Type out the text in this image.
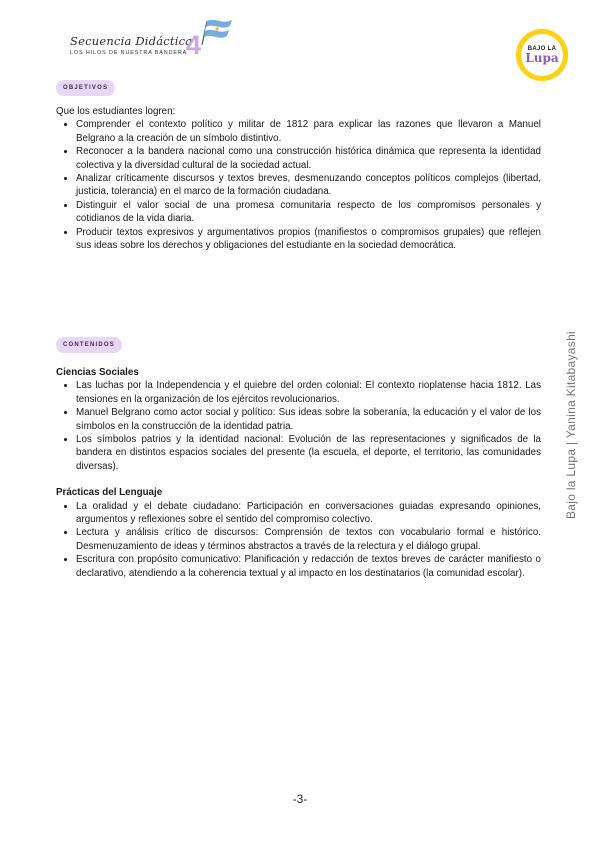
Secuencia Didáctica
LOS HILOS DE NUESTRA BANDERA
4	BAJO LA
Lupa
OBJETIVOS

Que los estudiantes logren:

• Comprender el contexto político y militar de 1812 para explicar las razones que llevaron a Manuel Belgrano a la creación de un símbolo distintivo.
• Reconocer a la bandera nacional como una construcción histórica dinámica que representa la identidad colectiva y la diversidad cultural de la sociedad actual.
• Analizar críticamente discursos y textos breves, desmenuzando conceptos políticos complejos (libertad, justicia, tolerancia) en el marco de la formación ciudadana.
• Distinguir el valor social de una promesa comunitaria respecto de los compromisos personales y cotidianos de la vida diaria.
• Producir textos expresivos y argumentativos propios (manifiestos o compromisos grupales) que reflejen sus ideas sobre los derechos y obligaciones del estudiante en la sociedad democrática.
CONTENIDOS

Ciencias Sociales

• Las luchas por la Independencia y el quiebre del orden colonial: El contexto rioplatense hacia 1812. Las tensiones en la organización de los ejércitos revolucionarios.
• Manuel Belgrano como actor social y político: Sus ideas sobre la soberanía, la educación y el valor de los símbolos en la construcción de la identidad patria.
• Los símbolos patrios y la identidad nacional: Evolución de las representaciones y significados de la bandera en distintos espacios sociales del presente (la escuela, el deporte, el territorio, las comunidades diversas).

Prácticas del Lenguaje

• La oralidad y el debate ciudadano: Participación en conversaciones guiadas expresando opiniones, argumentos y reflexiones sobre el sentido del compromiso colectivo.
• Lectura y análisis crítico de discursos: Comprensión de textos con vocabulario formal e histórico. Desmenuzamiento de ideas y términos abstractos a través de la relectura y el diálogo grupal.
• Escritura con propósito comunicativo: Planificación y redacción de textos breves de carácter manifiesto o declarativo, atendiendo a la coherencia textual y al impacto en los destinatarios (la comunidad escolar).
Bajo la Lupa | Yanina Kitabayashi
-3-
